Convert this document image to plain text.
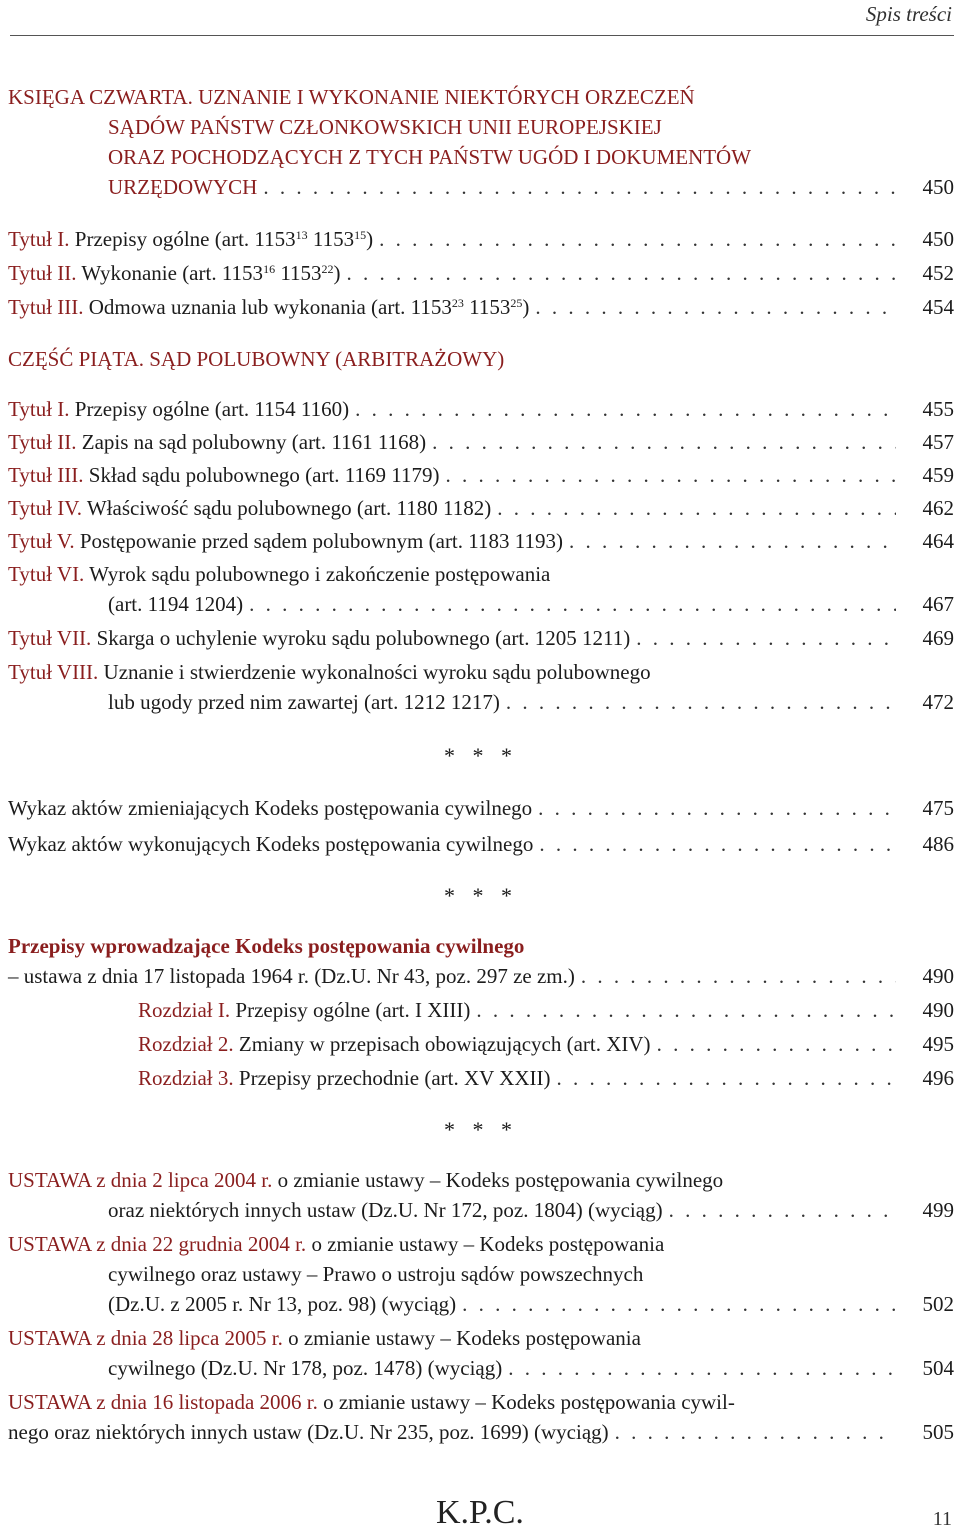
Spis treści
KSIĘGA CZWARTA. UZNANIE I WYKONANIE NIEKTÓRYCH ORZECZEŃ
SĄDÓW PAŃSTW CZŁONKOWSKICH UNII EUROPEJSKIEJ
ORAZ POCHODZĄCYCH Z TYCH PAŃSTW UGÓD I DOKUMENTÓW
URZĘDOWYCH . . .	450
Tytuł I. Przepisy ogólne (art. 1153$^{13}$ 1153$^{15}$) . . .	450
Tytuł II. Wykonanie (art. 1153$^{16}$ 1153$^{22}$) . . .	452
Tytuł III. Odmowa uznania lub wykonania (art. 1153$^{23}$ 1153$^{25}$) . . .	454
CZĘŚĆ PIĄTA. SĄD POLUBOWNY (ARBITRAŻOWY)
Tytuł I. Przepisy ogólne (art. 1154 1160) . . .	455
Tytuł II. Zapis na sąd polubowny (art. 1161 1168) . . .	457
Tytuł III. Skład sądu polubownego (art. 1169 1179) . . .	459
Tytuł IV. Właściwość sądu polubownego (art. 1180 1182) . . .	462
Tytuł V. Postępowanie przed sądem polubownym (art. 1183 1193) . . .	464
Tytuł VI. Wyrok sądu polubownego i zakończenie postępowania
(art. 1194 1204) . . .	467
Tytuł VII. Skarga o uchylenie wyroku sądu polubownego (art. 1205 1211) . . .	469
Tytuł VIII. Uznanie i stwierdzenie wykonalności wyroku sądu polubownego
lub ugody przed nim zawartej (art. 1212 1217) . . .	472
* * *
Wykaz aktów zmieniających Kodeks postępowania cywilnego . . .	475
Wykaz aktów wykonujących Kodeks postępowania cywilnego . . .	486
* * *
Przepisy wprowadzające Kodeks postępowania cywilnego
– ustawa z dnia 17 listopada 1964 r. (Dz.U. Nr 43, poz. 297 ze zm.) . . .	490
Rozdział I. Przepisy ogólne (art. I XIII) . . .	490
Rozdział 2. Zmiany w przepisach obowiązujących (art. XIV) . . .	495
Rozdział 3. Przepisy przechodnie (art. XV XXII) . . .	496
* * *
USTAWA z dnia 2 lipca 2004 r. o zmianie ustawy – Kodeks postępowania cywilnego
oraz niektórych innych ustaw (Dz.U. Nr 172, poz. 1804) (wyciąg) . . .	499
USTAWA z dnia 22 grudnia 2004 r. o zmianie ustawy – Kodeks postępowania
cywilnego oraz ustawy – Prawo o ustroju sądów powszechnych
(Dz.U. z 2005 r. Nr 13, poz. 98) (wyciąg) . . .	502
USTAWA z dnia 28 lipca 2005 r. o zmianie ustawy – Kodeks postępowania
cywilnego (Dz.U. Nr 178, poz. 1478) (wyciąg) . . .	504
USTAWA z dnia 16 listopada 2006 r. o zmianie ustawy – Kodeks postępowania cywil-
nego oraz niektórych innych ustaw (Dz.U. Nr 235, poz. 1699) (wyciąg) . . .	505
K.P.C.	11
